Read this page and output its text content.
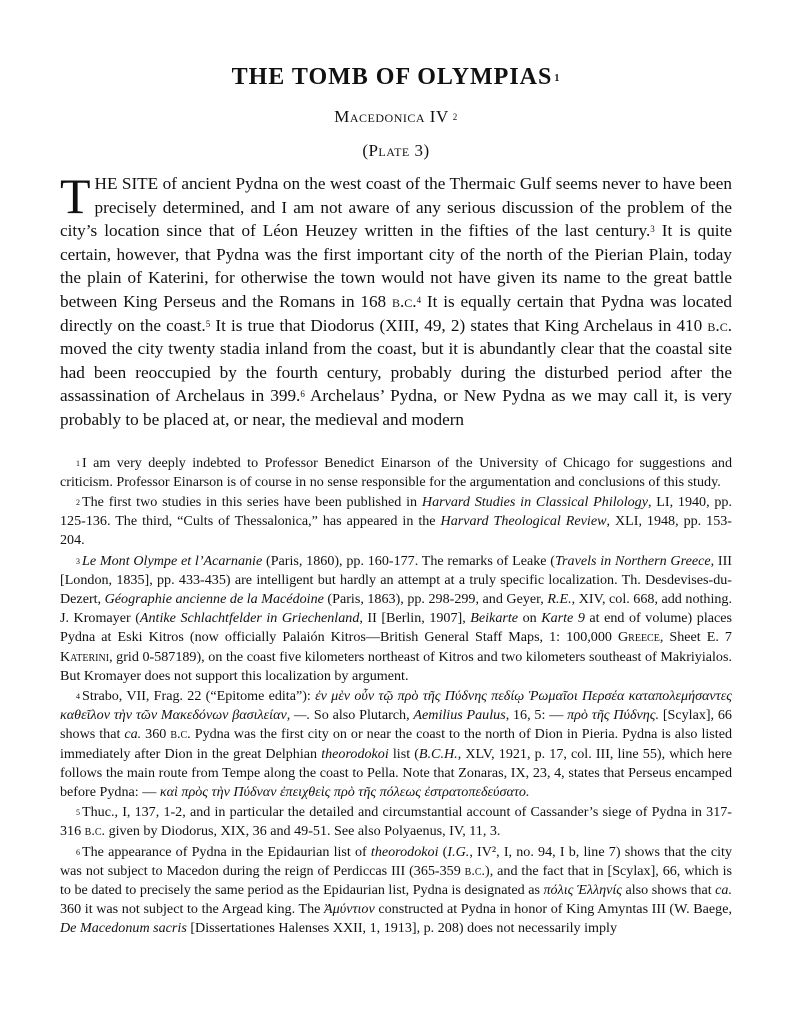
THE TOMB OF OLYMPIAS $^1$
Macedonica IV $^2$
(Plate 3)

THE SITE of ancient Pydna on the west coast of the Thermaic Gulf seems never to have been precisely determined, and I am not aware of any serious discussion of the problem of the city’s location since that of Léon Heuzey written in the fifties of the last century.$^3$ It is quite certain, however, that Pydna was the first important city of the north of the Pierian Plain, today the plain of Katerini, for otherwise the town would not have given its name to the great battle between King Perseus and the Romans in 168 b.c.$^4$ It is equally certain that Pydna was located directly on the coast.$^5$ It is true that Diodorus (XIII, 49, 2) states that King Archelaus in 410 b.c. moved the city twenty stadia inland from the coast, but it is abundantly clear that the coastal site had been reoccupied by the fourth century, probably during the disturbed period after the assassination of Archelaus in 399.$^6$ Archelaus’ Pydna, or New Pydna as we may call it, is very probably to be placed at, or near, the medieval and modern

$^1$ I am very deeply indebted to Professor Benedict Einarson of the University of Chicago for suggestions and criticism. Professor Einarson is of course in no sense responsible for the argumentation and conclusions of this study.

$^2$ The first two studies in this series have been published in Harvard Studies in Classical Philology, LI, 1940, pp. 125-136. The third, “Cults of Thessalonica,” has appeared in the Harvard Theological Review, XLI, 1948, pp. 153-204.

$^3$ Le Mont Olympe et l’Acarnanie (Paris, 1860), pp. 160-177. The remarks of Leake (Travels in Northern Greece, III [London, 1835], pp. 433-435) are intelligent but hardly an attempt at a truly specific localization. Th. Desdevises-du-Dezert, Géographie ancienne de la Macédoine (Paris, 1863), pp. 298-299, and Geyer, R.E., XIV, col. 668, add nothing. J. Kromayer (Antike Schlachtfelder in Griechenland, II [Berlin, 1907], Beikarte on Karte 9 at end of volume) places Pydna at Eski Kitros (now officially Palaión Kitros—British General Staff Maps, 1: 100,000 Greece, Sheet E. 7 Katerini, grid 0-587189), on the coast five kilometers northeast of Kitros and two kilometers southeast of Makriyialos. But Kromayer does not support this localization by argument.

$^4$ Strabo, VII, Frag. 22 (“Epitome edita”): ἐν μὲν οὖν τῷ πρὸ τῆς Πύδνης πεδίῳ Ῥωμαῖοι Περσέα καταπολεμήσαντες καθεῖλον τὴν τῶν Μακεδόνων βασιλείαν, —. So also Plutarch, Aemilius Paulus, 16, 5: — πρὸ τῆς Πύδνης. [Scylax], 66 shows that ca. 360 b.c. Pydna was the first city on or near the coast to the north of Dion in Pieria. Pydna is also listed immediately after Dion in the great Delphian theorodokoi list (B.C.H., XLV, 1921, p. 17, col. III, line 55), which here follows the main route from Tempe along the coast to Pella. Note that Zonaras, IX, 23, 4, states that Perseus encamped before Pydna: — καὶ πρὸς τὴν Πύδναν ἐπειχθεὶς πρὸ τῆς πόλεως ἐστρατοπεδεύσατο.

$^5$ Thuc., I, 137, 1-2, and in particular the detailed and circumstantial account of Cassander’s siege of Pydna in 317-316 b.c. given by Diodorus, XIX, 36 and 49-51. See also Polyaenus, IV, 11, 3.

$^6$ The appearance of Pydna in the Epidaurian list of theorodokoi (I.G., IV², I, no. 94, I b, line 7) shows that the city was not subject to Macedon during the reign of Perdiccas III (365-359 b.c.), and the fact that in [Scylax], 66, which is to be dated to precisely the same period as the Epidaurian list, Pydna is designated as πόλις Ἑλληνίς also shows that ca. 360 it was not subject to the Argead king. The Ἀμύντιον constructed at Pydna in honor of King Amyntas III (W. Baege, De Macedonum sacris [Dissertationes Halenses XXII, 1, 1913], p. 208) does not necessarily imply
